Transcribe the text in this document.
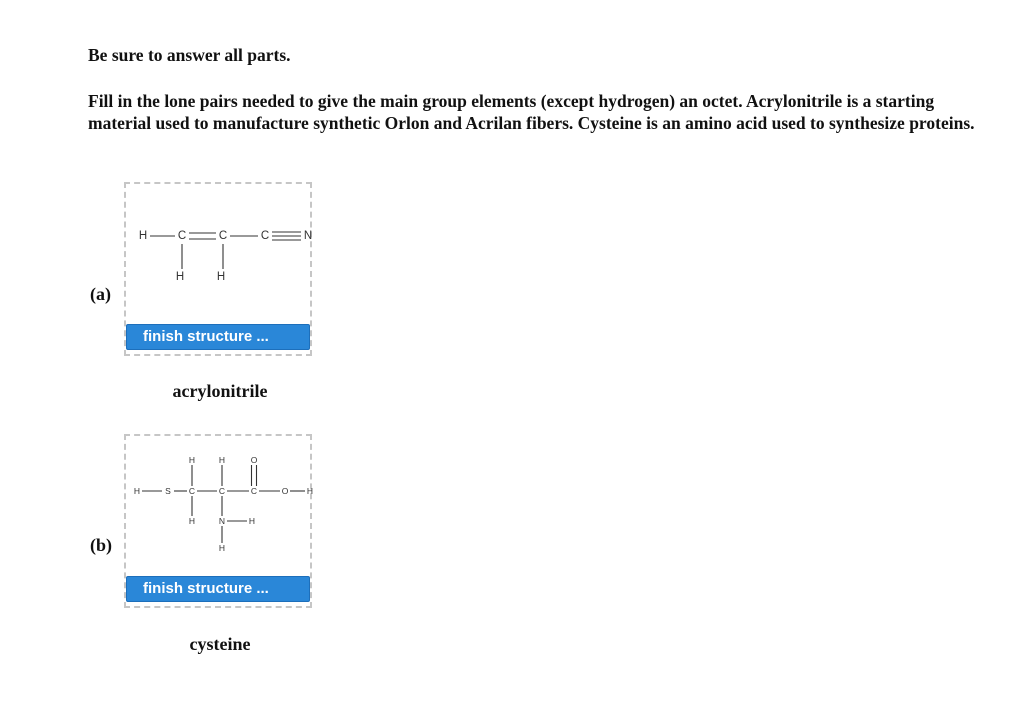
Be sure to answer all parts.

Fill in the lone pairs needed to give the main group elements (except hydrogen) an octet. Acrylonitrile is a starting material used to manufacture synthetic Orlon and Acrilan fibers. Cysteine is an amino acid used to synthesize proteins.

(a)
H	C	C	C	N
H	H
finish structure ...
acrylonitrile
(b)
H	S C	C	C	O H
H	H	O
H	N	H
H
finish structure ...
cysteine
